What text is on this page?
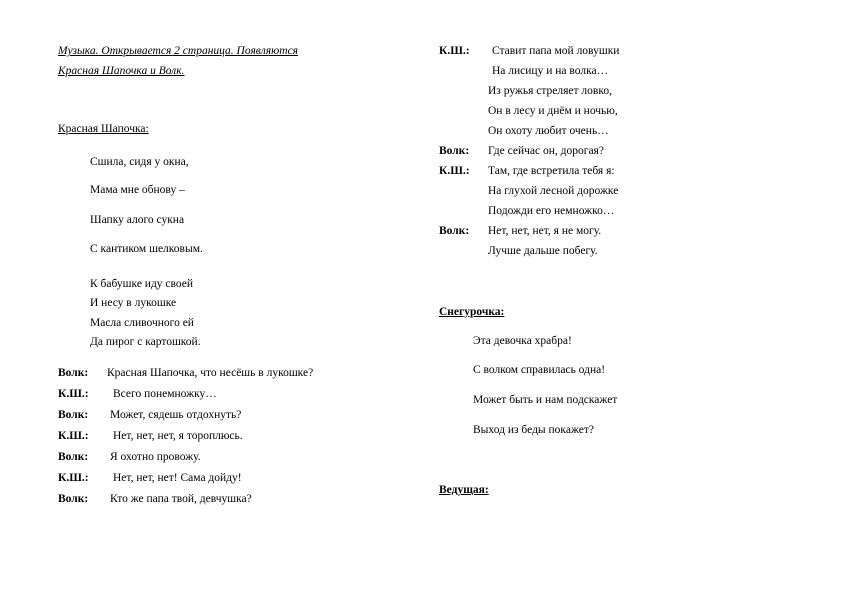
Музыка. Открывается 2 страница. Появляются
Красная Шапочка и Волк.
Красная Шапочка:
Сшила, сидя у окна,
Мама мне обнову –
Шапку алого сукна
С кантиком шелковым.
К бабушке иду своей
И несу в лукошке
Масла сливочного ей
Да пирог с картошкой.
Волк: Красная Шапочка, что несёшь в лукошке?
К.Ш.: Всего понемножку…
Волк: Может, сядешь отдохнуть?
К.Ш.: Нет, нет, нет, я тороплюсь.
Волк: Я охотно провожу.
К.Ш.: Нет, нет, нет! Сама дойду!
Волк: Кто же папа твой, девчушка?
К.Ш.: Ставит папа мой ловушки
На лисицу и на волка…
Из ружья стреляет ловко,
Он в лесу и днём и ночью,
Он охоту любит очень…
Волк: Где сейчас он, дорогая?
К.Ш.: Там, где встретила тебя я:
На глухой лесной дорожке
Подожди его немножко…
Волк: Нет, нет, нет, я не могу.
Лучше дальше побегу.
Снегурочка:
Эта девочка храбра!
С волком справилась одна!
Может быть и нам подскажет
Выход из беды покажет?
Ведущая:
